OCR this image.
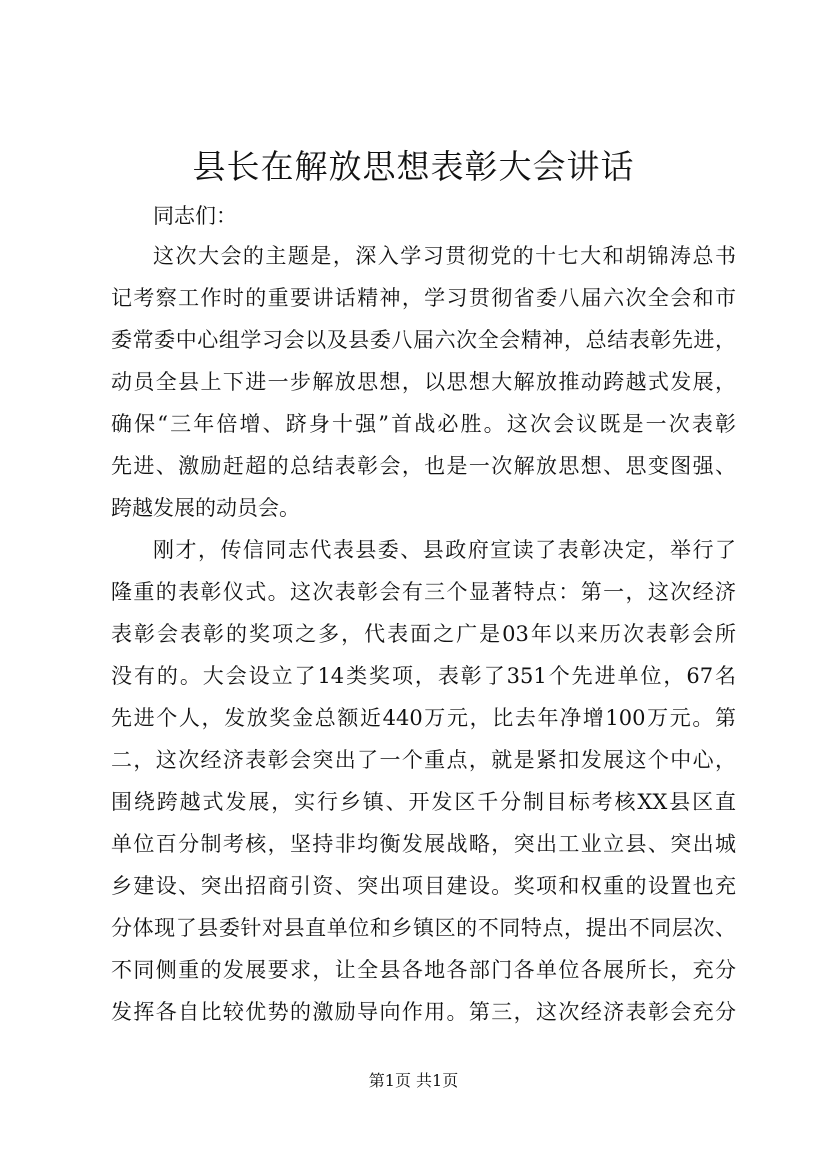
县长在解放思想表彰大会讲话
同志们：
这次大会的主题是，深入学习贯彻党的十七大和胡锦涛总书
记考察工作时的重要讲话精神，学习贯彻省委八届六次全会和市
委常委中心组学习会以及县委八届六次全会精神，总结表彰先进，
动员全县上下进一步解放思想，以思想大解放推动跨越式发展，
确保“三年倍增、跻身十强”首战必胜。这次会议既是一次表彰
先进、激励赶超的总结表彰会，也是一次解放思想、思变图强、
跨越发展的动员会。
刚才，传信同志代表县委、县政府宣读了表彰决定，举行了
隆重的表彰仪式。这次表彰会有三个显著特点：第一，这次经济
表彰会表彰的奖项之多，代表面之广是03年以来历次表彰会所
没有的。大会设立了14类奖项，表彰了351个先进单位，67名
先进个人，发放奖金总额近440万元，比去年净增100万元。第
二，这次经济表彰会突出了一个重点，就是紧扣发展这个中心，
围绕跨越式发展，实行乡镇、开发区千分制目标考核XX县区直
单位百分制考核，坚持非均衡发展战略，突出工业立县、突出城
乡建设、突出招商引资、突出项目建设。奖项和权重的设置也充
分体现了县委针对县直单位和乡镇区的不同特点，提出不同层次、
不同侧重的发展要求，让全县各地各部门各单位各展所长，充分
发挥各自比较优势的激励导向作用。第三，这次经济表彰会充分
第1页 共1页
